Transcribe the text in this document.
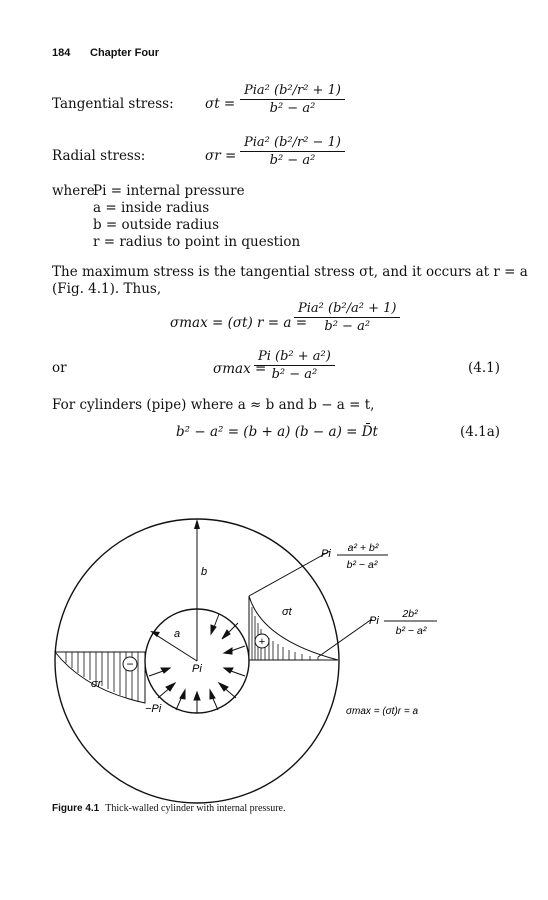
184 Chapter Four
Tangential stress: σt =
Pia² (b²/r² + 1)
b² − a²
Radial stress:	σr =
Pia² (b²/r² − 1)
b² − a²
where
Pi = internal pressure
a = inside radius
b = outside radius
r = radius to point in question
The maximum stress is the tangential stress σt, and it occurs at r = a
(Fig. 4.1). Thus,
σmax = (σt) r = a =
Pia² (b²/a² + 1)
b² − a²
or	σmax =
$\frac{\text{Pi (b² + a²)}}{\text{b² − a²}}$	(4.1)
For cylinders (pipe) where a ≈ b and b − a = t,
b² − a² = (b + a) (b − a) = D̄t	(4.1a)
+
−
b
a
Pi
σt
σr
−Pi
Pi a² + b²
b² − a²
Pi
2b²
b² − a²
σmax = (σt)r = a
Figure 4.1 Thick-walled cylinder with internal pressure.
